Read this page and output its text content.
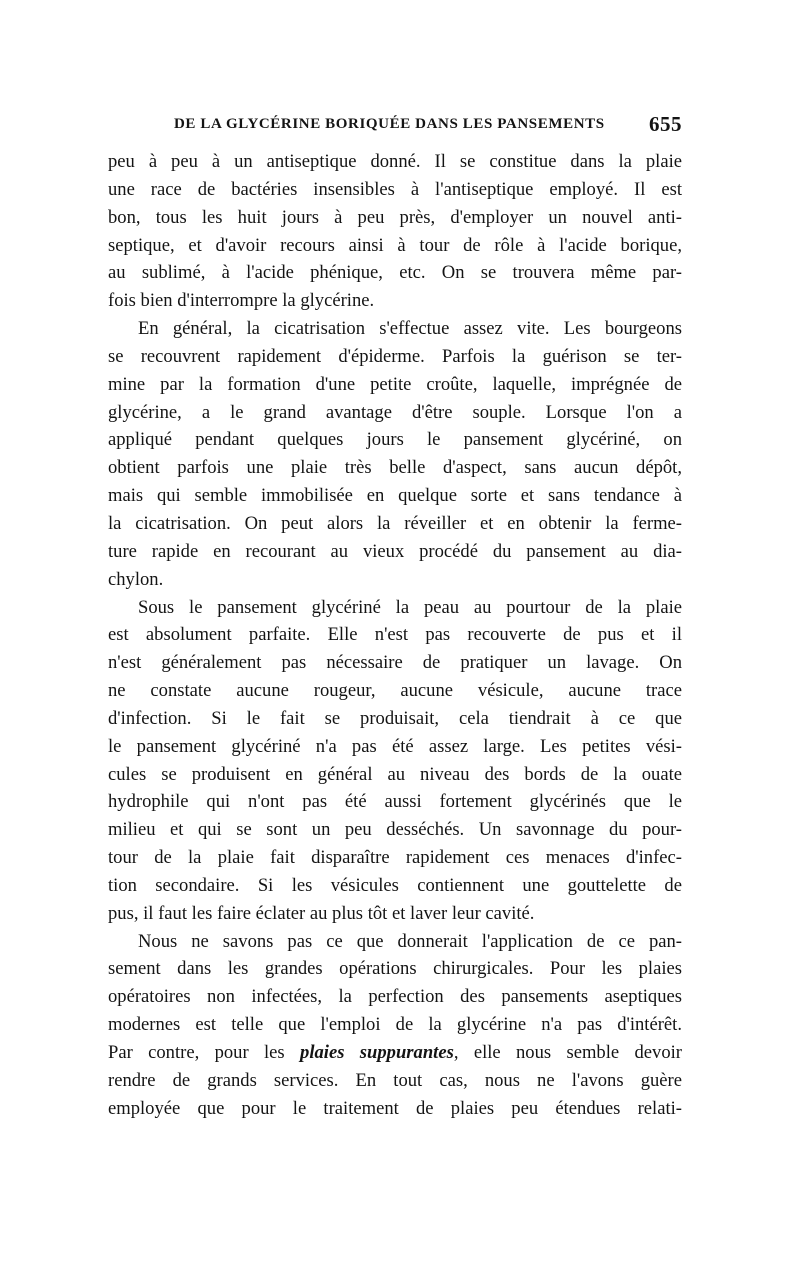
DE LA GLYCÉRINE BORIQUÉE DANS LES PANSEMENTS 655
peu à peu à un antiseptique donné. Il se constitue dans la plaie
une race de bactéries insensibles à l'antiseptique employé. Il est
bon, tous les huit jours à peu près, d'employer un nouvel anti-
septique, et d'avoir recours ainsi à tour de rôle à l'acide borique,
au sublimé, à l'acide phénique, etc. On se trouvera même par-
fois bien d'interrompre la glycérine.
En général, la cicatrisation s'effectue assez vite. Les bourgeons
se recouvrent rapidement d'épiderme. Parfois la guérison se ter-
mine par la formation d'une petite croûte, laquelle, imprégnée de
glycérine, a le grand avantage d'être souple. Lorsque l'on a
appliqué pendant quelques jours le pansement glycériné, on
obtient parfois une plaie très belle d'aspect, sans aucun dépôt,
mais qui semble immobilisée en quelque sorte et sans tendance à
la cicatrisation. On peut alors la réveiller et en obtenir la ferme-
ture rapide en recourant au vieux procédé du pansement au dia-
chylon.
Sous le pansement glycériné la peau au pourtour de la plaie
est absolument parfaite. Elle n'est pas recouverte de pus et il
n'est généralement pas nécessaire de pratiquer un lavage. On
ne constate aucune rougeur, aucune vésicule, aucune trace
d'infection. Si le fait se produisait, cela tiendrait à ce que
le pansement glycériné n'a pas été assez large. Les petites vési-
cules se produisent en général au niveau des bords de la ouate
hydrophile qui n'ont pas été aussi fortement glycérinés que le
milieu et qui se sont un peu desséchés. Un savonnage du pour-
tour de la plaie fait disparaître rapidement ces menaces d'infec-
tion secondaire. Si les vésicules contiennent une gouttelette de
pus, il faut les faire éclater au plus tôt et laver leur cavité.
Nous ne savons pas ce que donnerait l'application de ce pan-
sement dans les grandes opérations chirurgicales. Pour les plaies
opératoires non infectées, la perfection des pansements aseptiques
modernes est telle que l'emploi de la glycérine n'a pas d'intérêt.
Par contre, pour les plaies suppurantes, elle nous semble devoir
rendre de grands services. En tout cas, nous ne l'avons guère
employée que pour le traitement de plaies peu étendues relati-
